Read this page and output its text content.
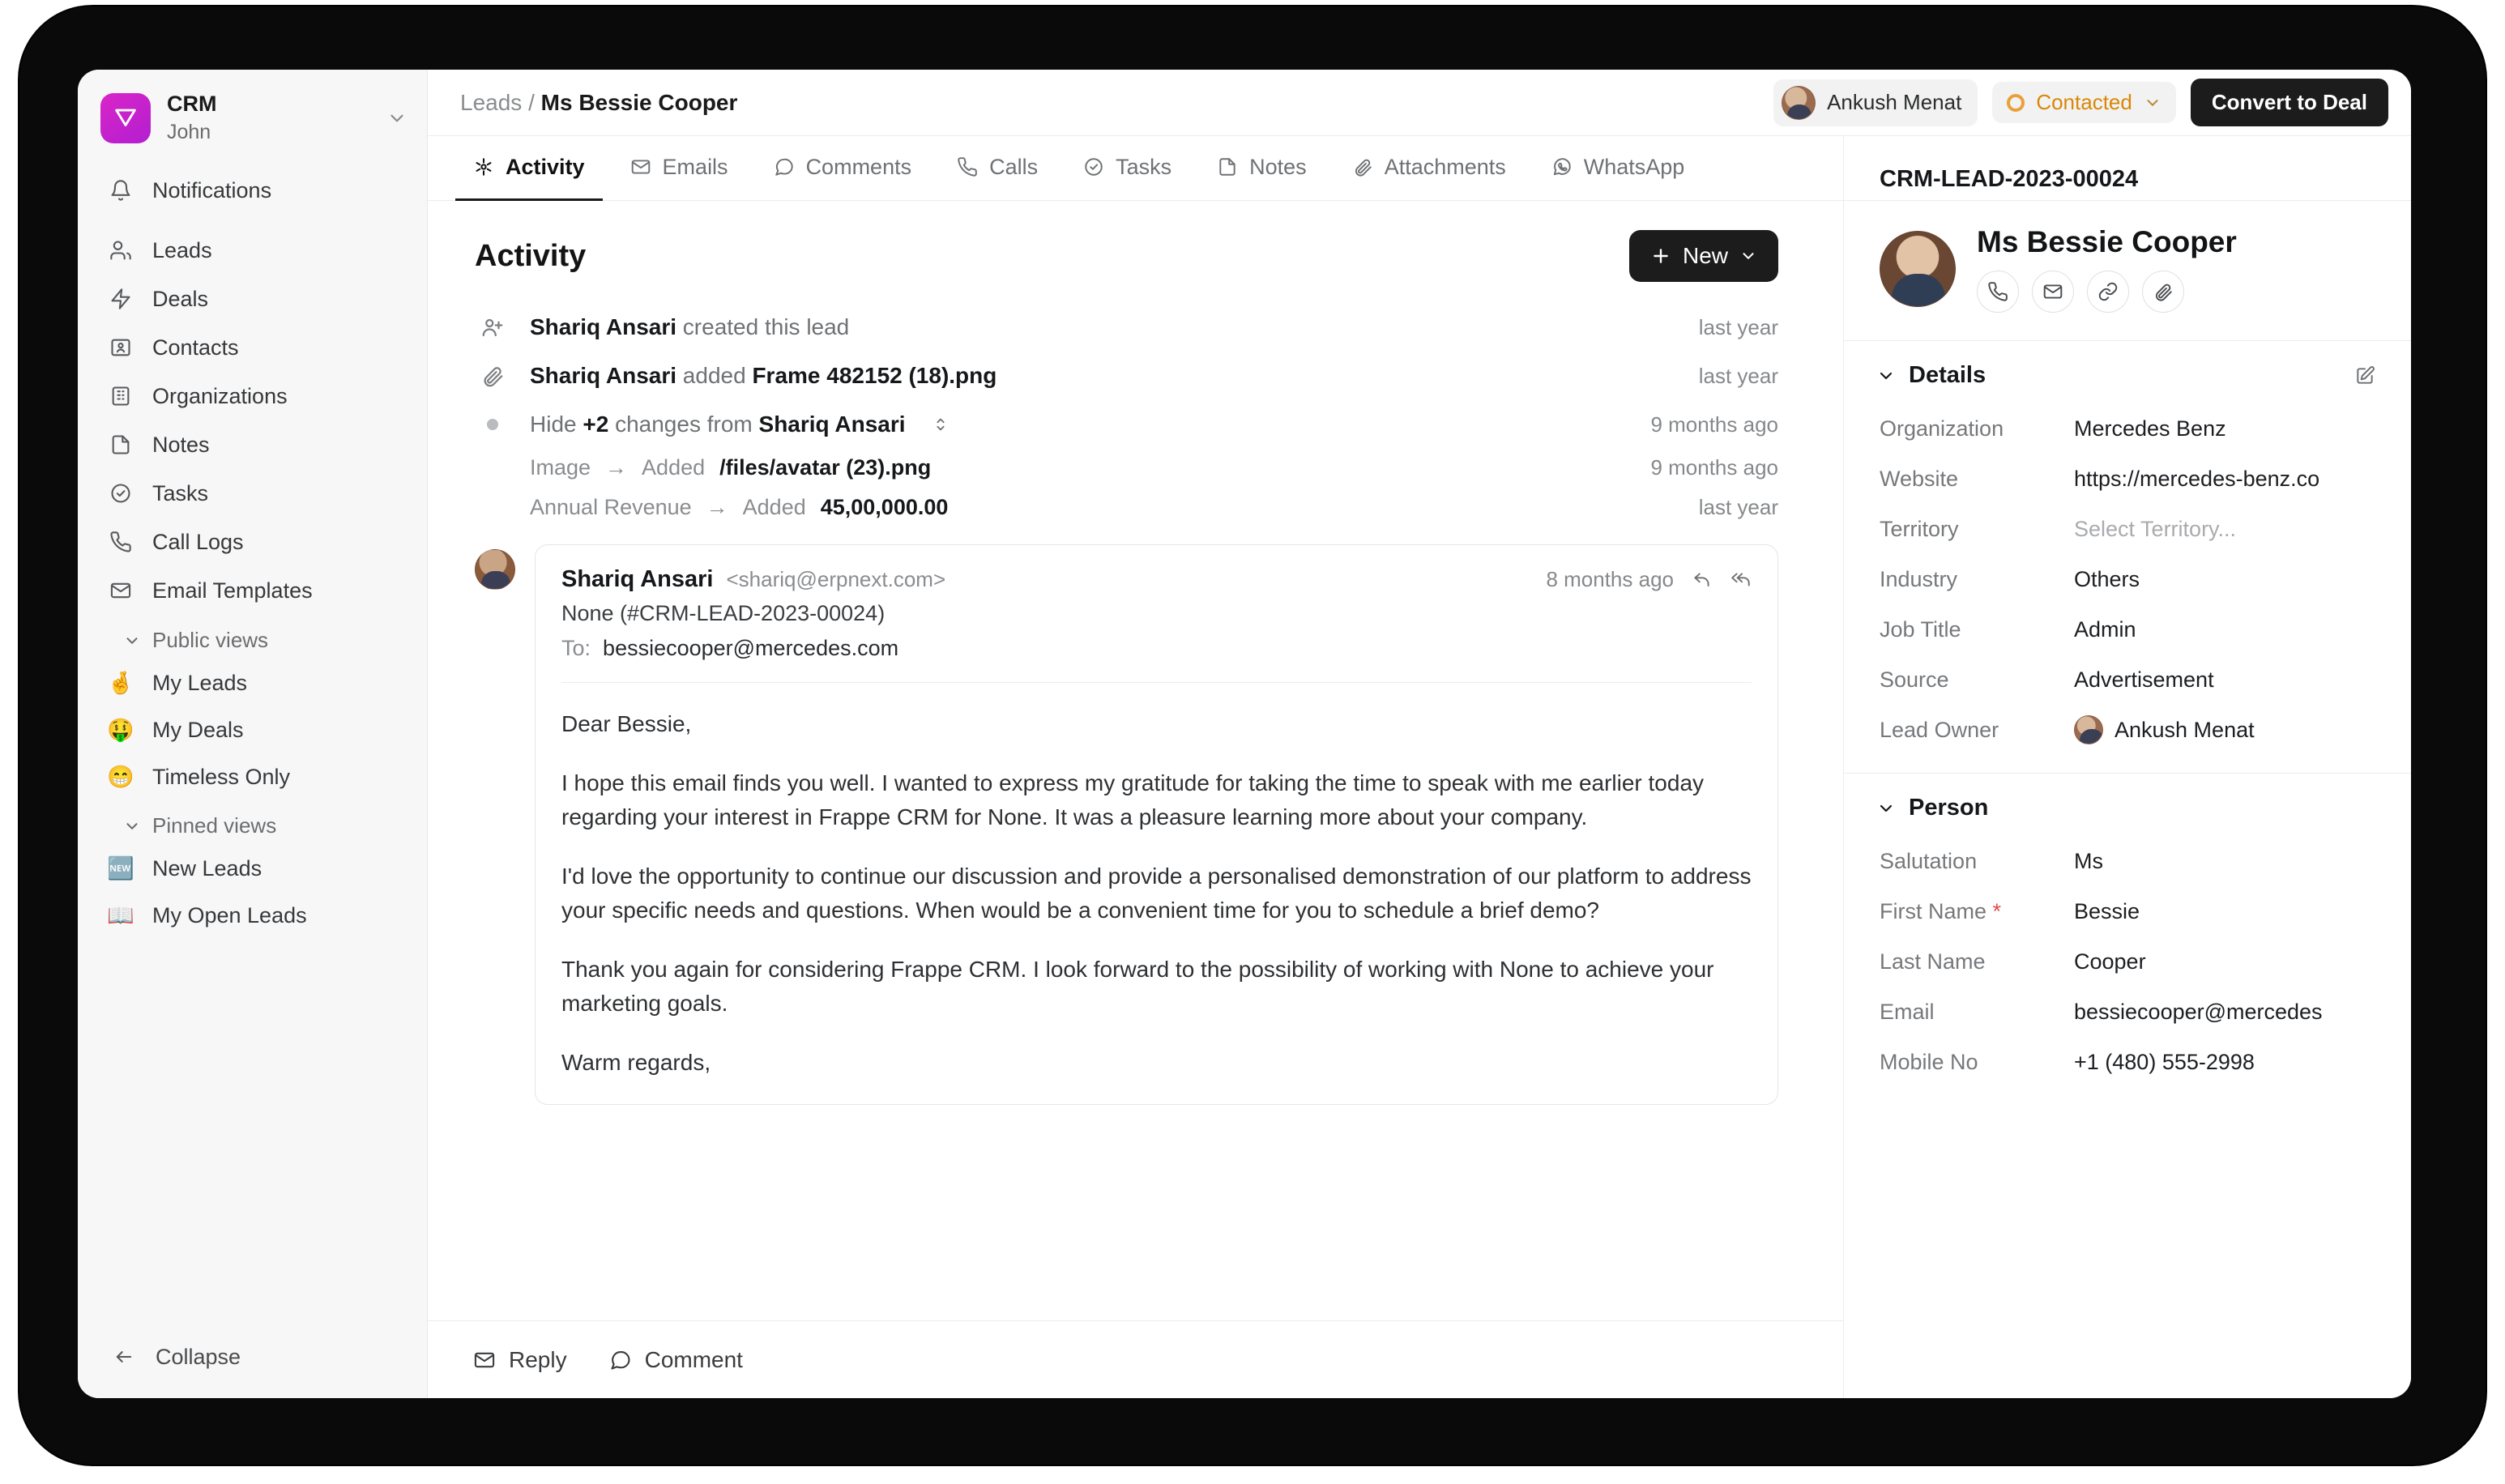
CRM
John
Notifications
Leads
Deals
Contacts
Organizations
Notes
Tasks
Call Logs
Email Templates
Public views
🤞 My Leads
🤑 My Deals
😁 Timeless Only
Pinned views
🆕 New Leads
📖 My Open Leads
Collapse
Leads / Ms Bessie Cooper	Ankush Menat	Contacted	Convert to Deal
Activity	Emails	Comments	Calls	Tasks	Notes	Attachments	WhatsApp
Activity	New
Shariq Ansari created this lead	last year
Shariq Ansari added Frame 482152 (18).png	last year
Hide +2 changes from Shariq Ansari	9 months ago
Image → Added /files/avatar (23).png	9 months ago
Annual Revenue → Added 45,00,000.00	last year
Shariq Ansari <shariq@erpnext.com>	8 months ago
None (#CRM-LEAD-2023-00024)
To: bessiecooper@mercedes.com

Dear Bessie,

I hope this email finds you well. I wanted to express my gratitude for taking the time to speak with me earlier today regarding your interest in Frappe CRM for None. It was a pleasure learning more about your company.

I'd love the opportunity to continue our discussion and provide a personalised demonstration of our platform to address your specific needs and questions. When would be a convenient time for you to schedule a brief demo?

Thank you again for considering Frappe CRM. I look forward to the possibility of working with None to achieve your marketing goals.

Warm regards,

Reply	Comment
CRM-LEAD-2023-00024
Ms Bessie Cooper
Details
Organization	Mercedes Benz
Website	https://mercedes-benz.co
Territory	Select Territory...
Industry	Others
Job Title	Admin
Source	Advertisement
Lead Owner	Ankush Menat
Person
Salutation	Ms
First Name *	Bessie
Last Name	Cooper
Email	bessiecooper@mercedes
Mobile No	+1 (480) 555-2998
